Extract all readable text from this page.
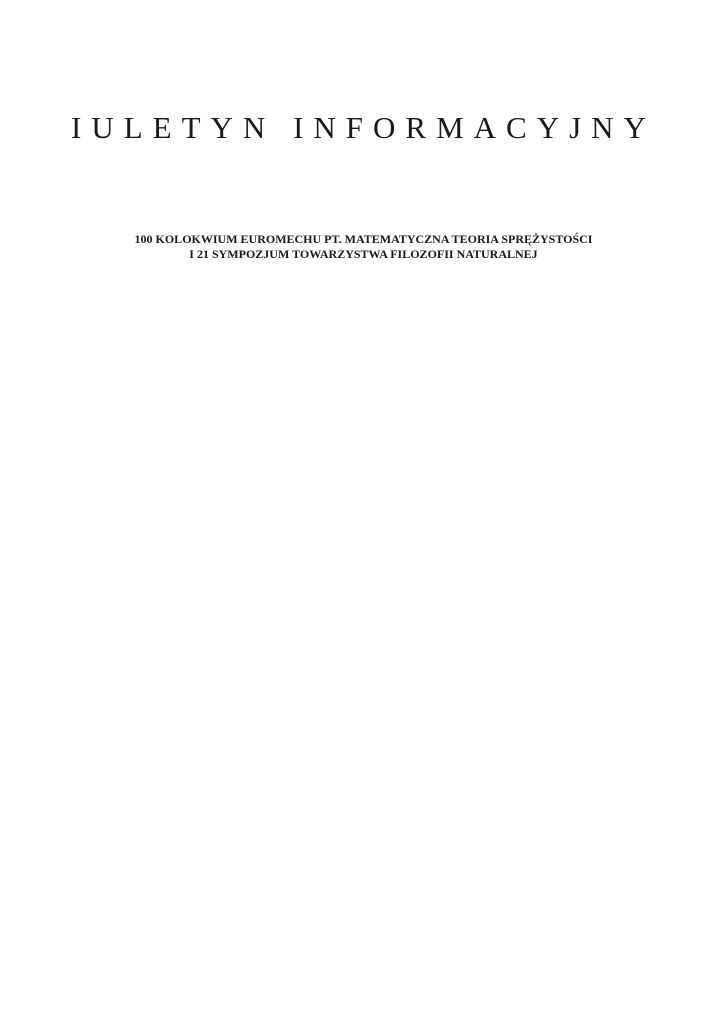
IULETYN INFORMACYJNY
100 KOLOKWIUM EUROMECHU PT. MATEMATYCZNA TEORIA SPRĘŻYSTOŚCI
I 21 SYMPOZJUM TOWARZYSTWA FILOZOFII NATURALNEJ
